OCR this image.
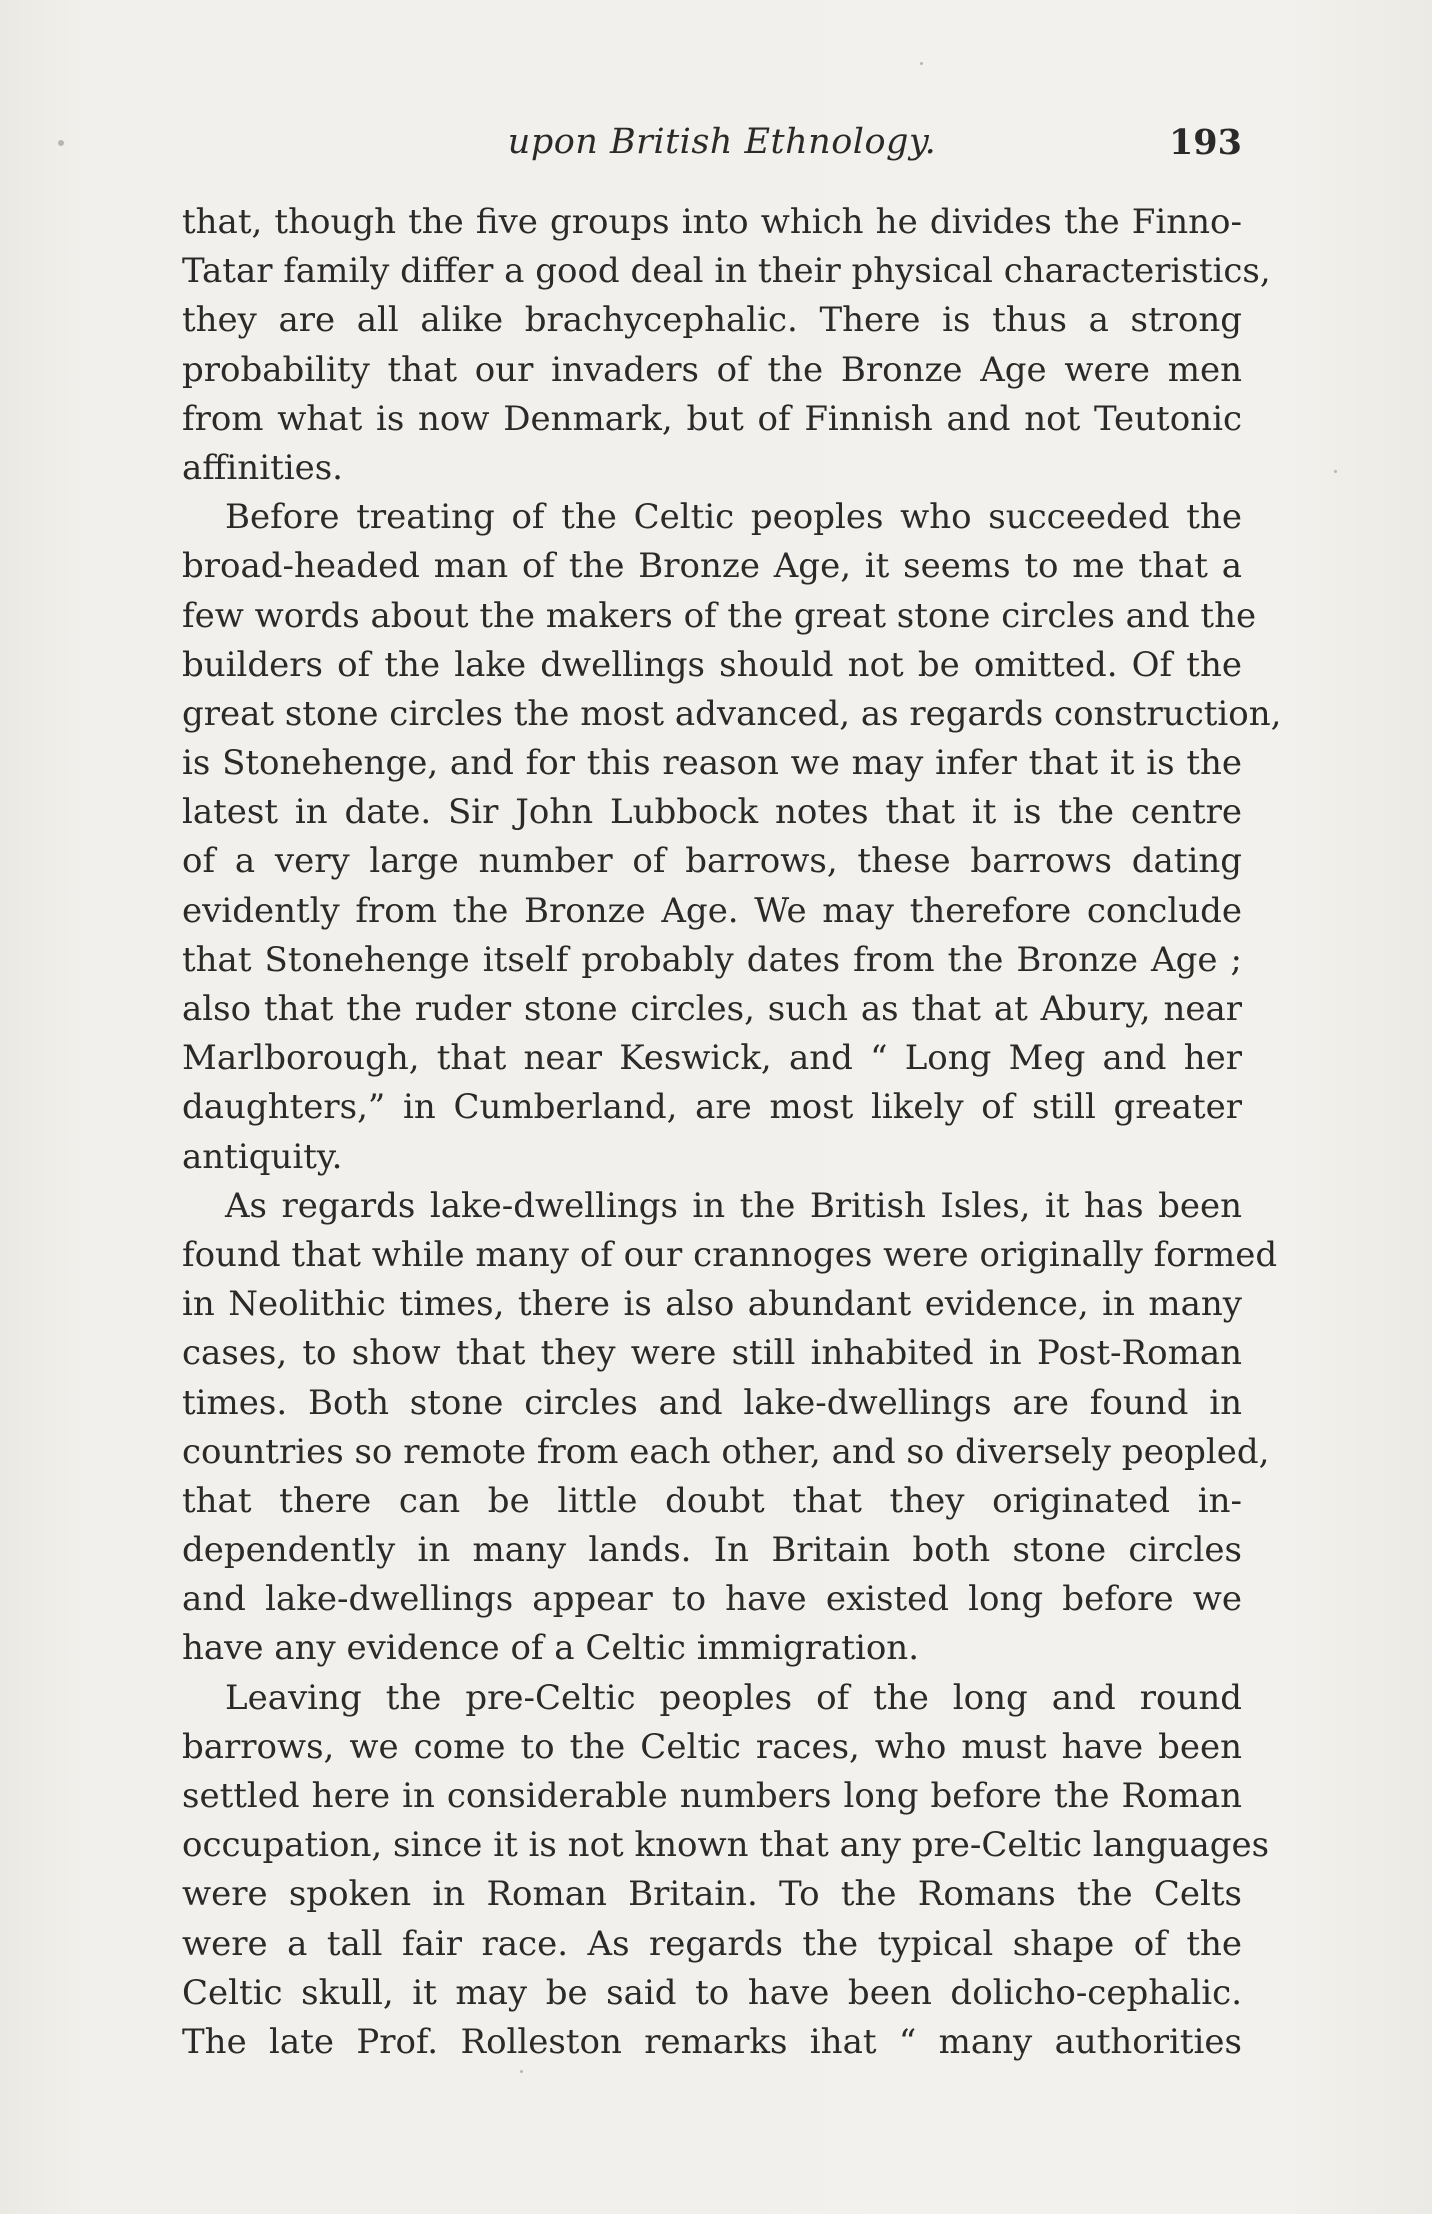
upon British Ethnology.	193
that, though the five groups into which he divides the Finno-
Tatar family differ a good deal in their physical characteristics,
they are all alike brachycephalic. There is thus a strong
probability that our invaders of the Bronze Age were men
from what is now Denmark, but of Finnish and not Teutonic
affinities.
Before treating of the Celtic peoples who succeeded the
broad-headed man of the Bronze Age, it seems to me that a
few words about the makers of the great stone circles and the
builders of the lake dwellings should not be omitted. Of the
great stone circles the most advanced, as regards construction,
is Stonehenge, and for this reason we may infer that it is the
latest in date. Sir John Lubbock notes that it is the centre
of a very large number of barrows, these barrows dating
evidently from the Bronze Age. We may therefore conclude
that Stonehenge itself probably dates from the Bronze Age ;
also that the ruder stone circles, such as that at Abury, near
Marlborough, that near Keswick, and “ Long Meg and her
daughters,” in Cumberland, are most likely of still greater
antiquity.
As regards lake-dwellings in the British Isles, it has been
found that while many of our crannoges were originally formed
in Neolithic times, there is also abundant evidence, in many
cases, to show that they were still inhabited in Post-Roman
times. Both stone circles and lake-dwellings are found in
countries so remote from each other, and so diversely peopled,
that there can be little doubt that they originated in-
dependently in many lands. In Britain both stone circles
and lake-dwellings appear to have existed long before we
have any evidence of a Celtic immigration.
Leaving the pre-Celtic peoples of the long and round
barrows, we come to the Celtic races, who must have been
settled here in considerable numbers long before the Roman
occupation, since it is not known that any pre-Celtic languages
were spoken in Roman Britain. To the Romans the Celts
were a tall fair race. As regards the typical shape of the
Celtic skull, it may be said to have been dolicho-cephalic.
The late Prof. Rolleston remarks ihat “ many authorities
